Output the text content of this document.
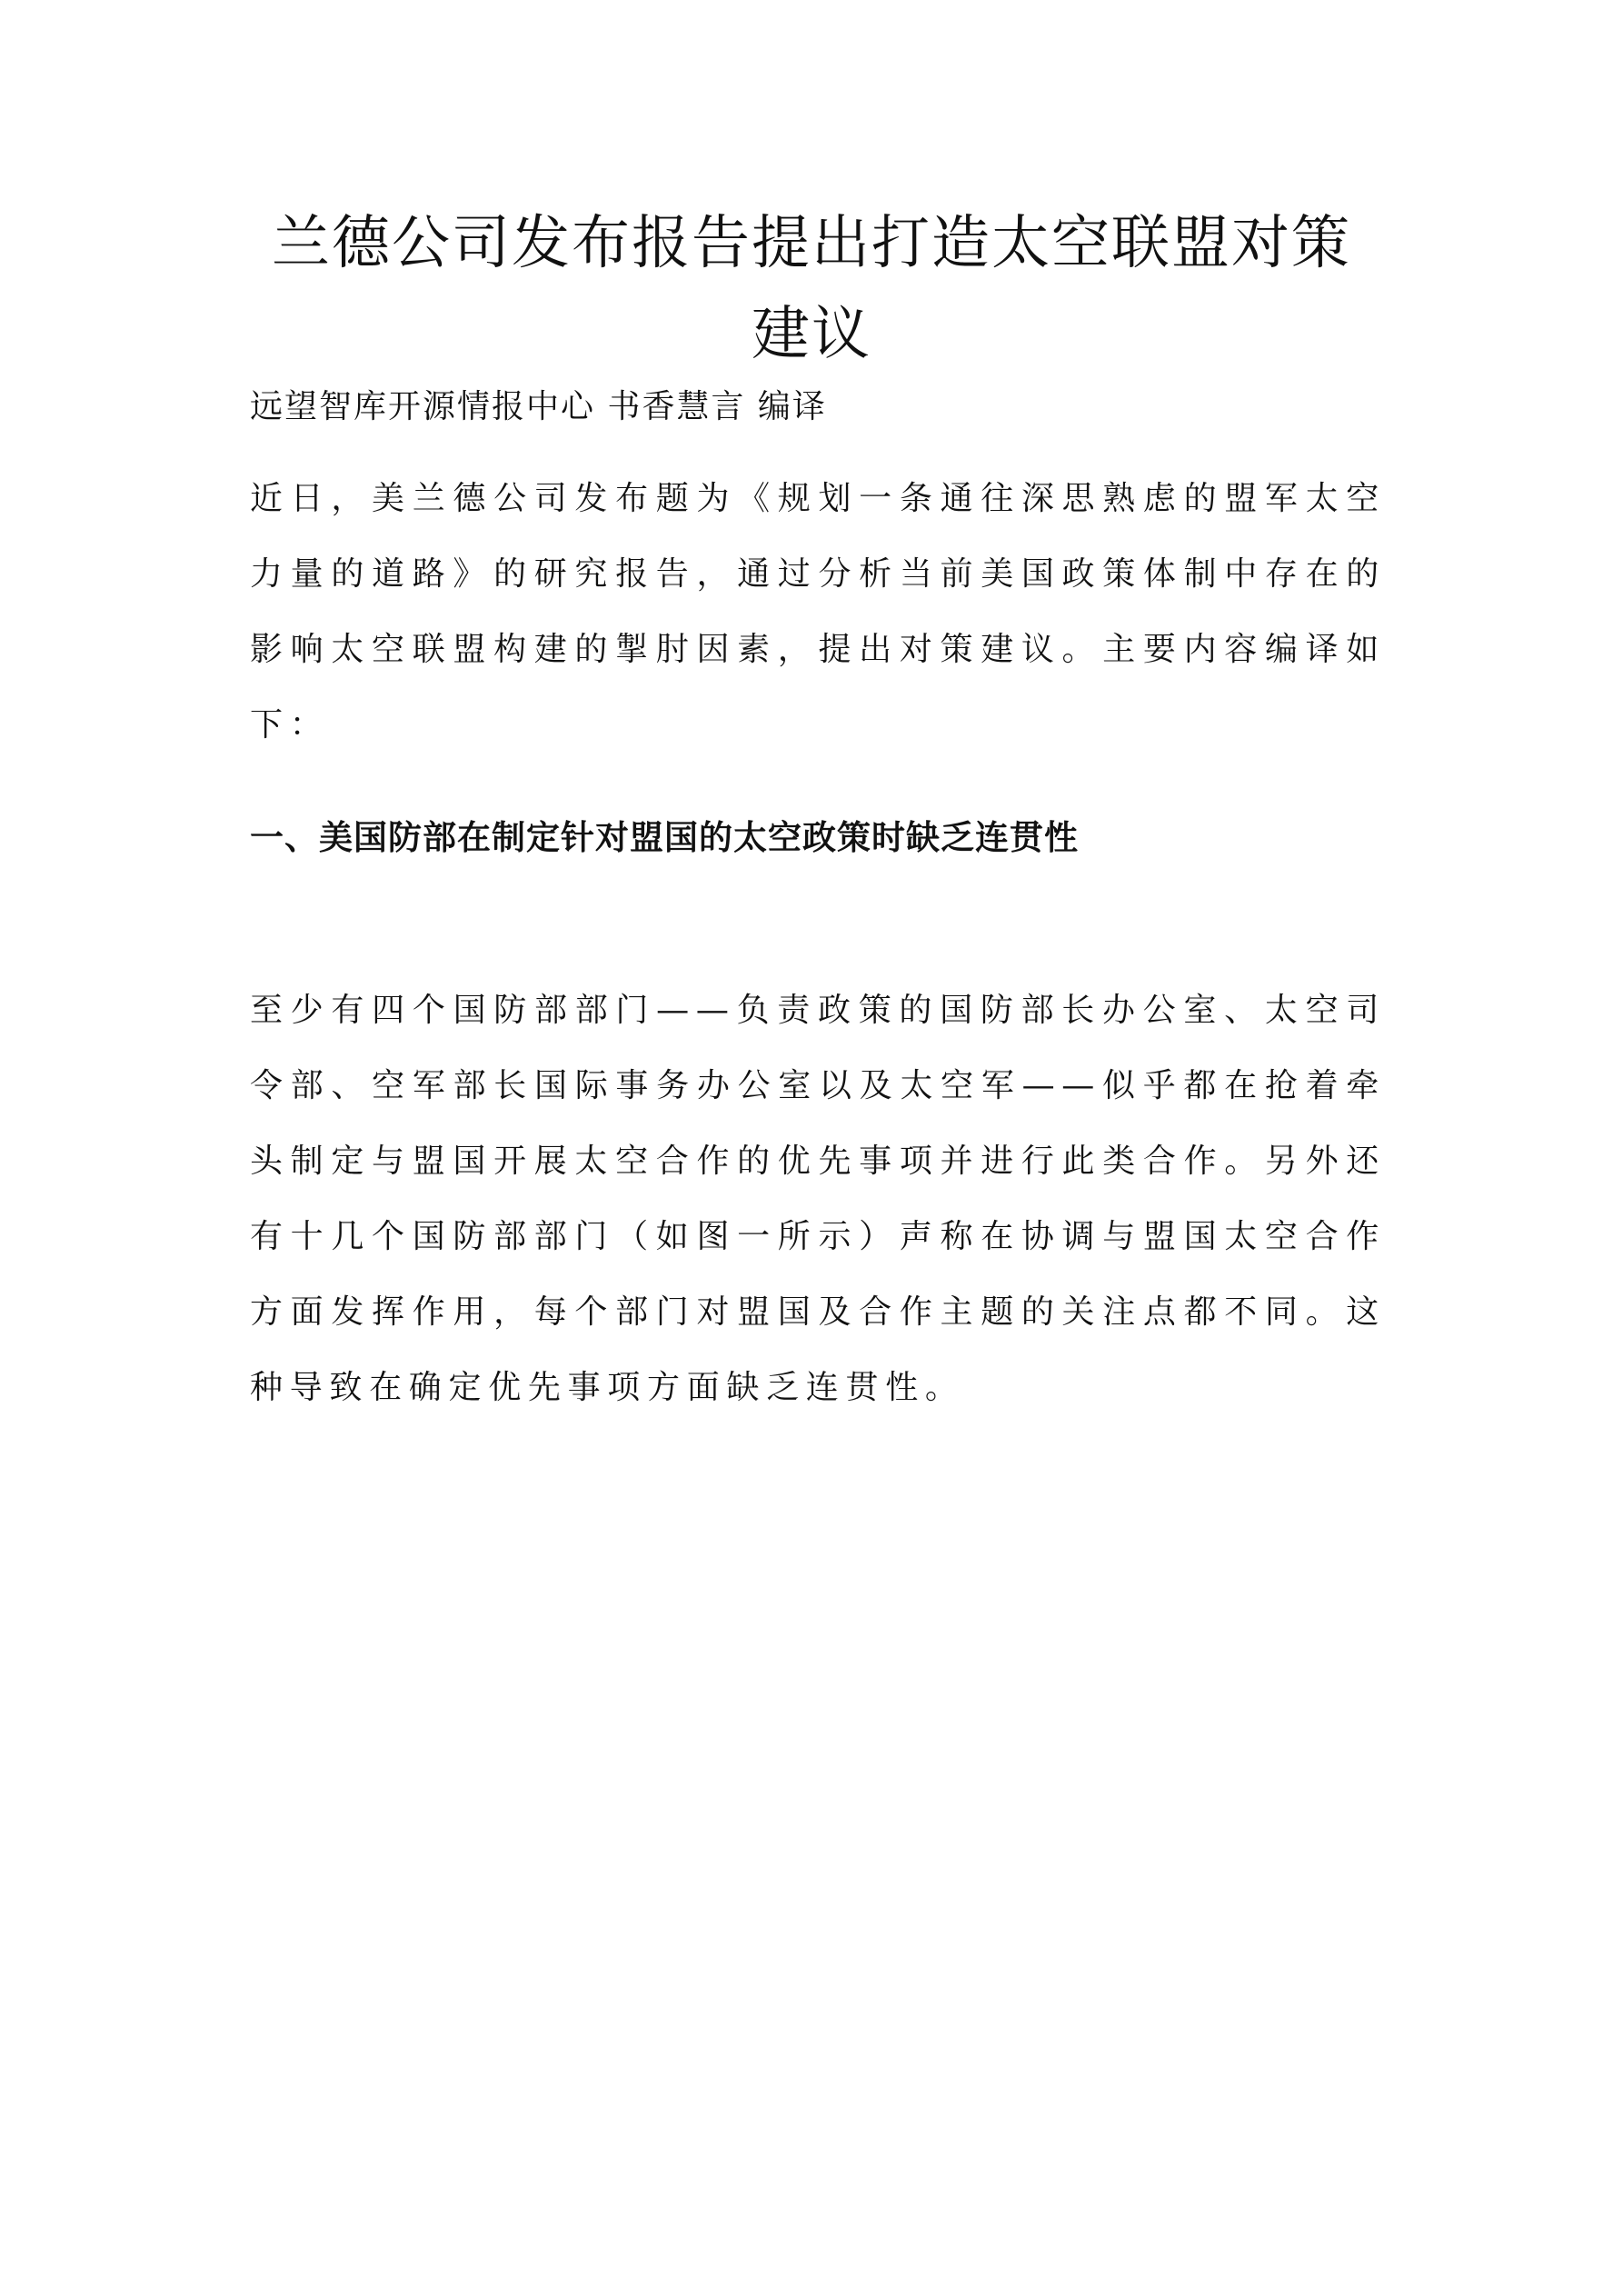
兰德公司发布报告提出打造太空联盟对策建议

远望智库开源情报中心 书香慧言 编译

近日，美兰德公司发布题为《规划一条通往深思熟虑的盟军太空力量的道路》的研究报告，通过分析当前美国政策体制中存在的影响太空联盟构建的掣肘因素，提出对策建议。主要内容编译如下：

一、美国防部在制定针对盟国的太空政策时缺乏连贯性

至少有四个国防部部门——负责政策的国防部长办公室、太空司令部、空军部长国际事务办公室以及太空军——似乎都在抢着牵头制定与盟国开展太空合作的优先事项并进行此类合作。另外还有十几个国防部部门（如图一所示）声称在协调与盟国太空合作方面发挥作用，每个部门对盟国及合作主题的关注点都不同。这种导致在确定优先事项方面缺乏连贯性。
